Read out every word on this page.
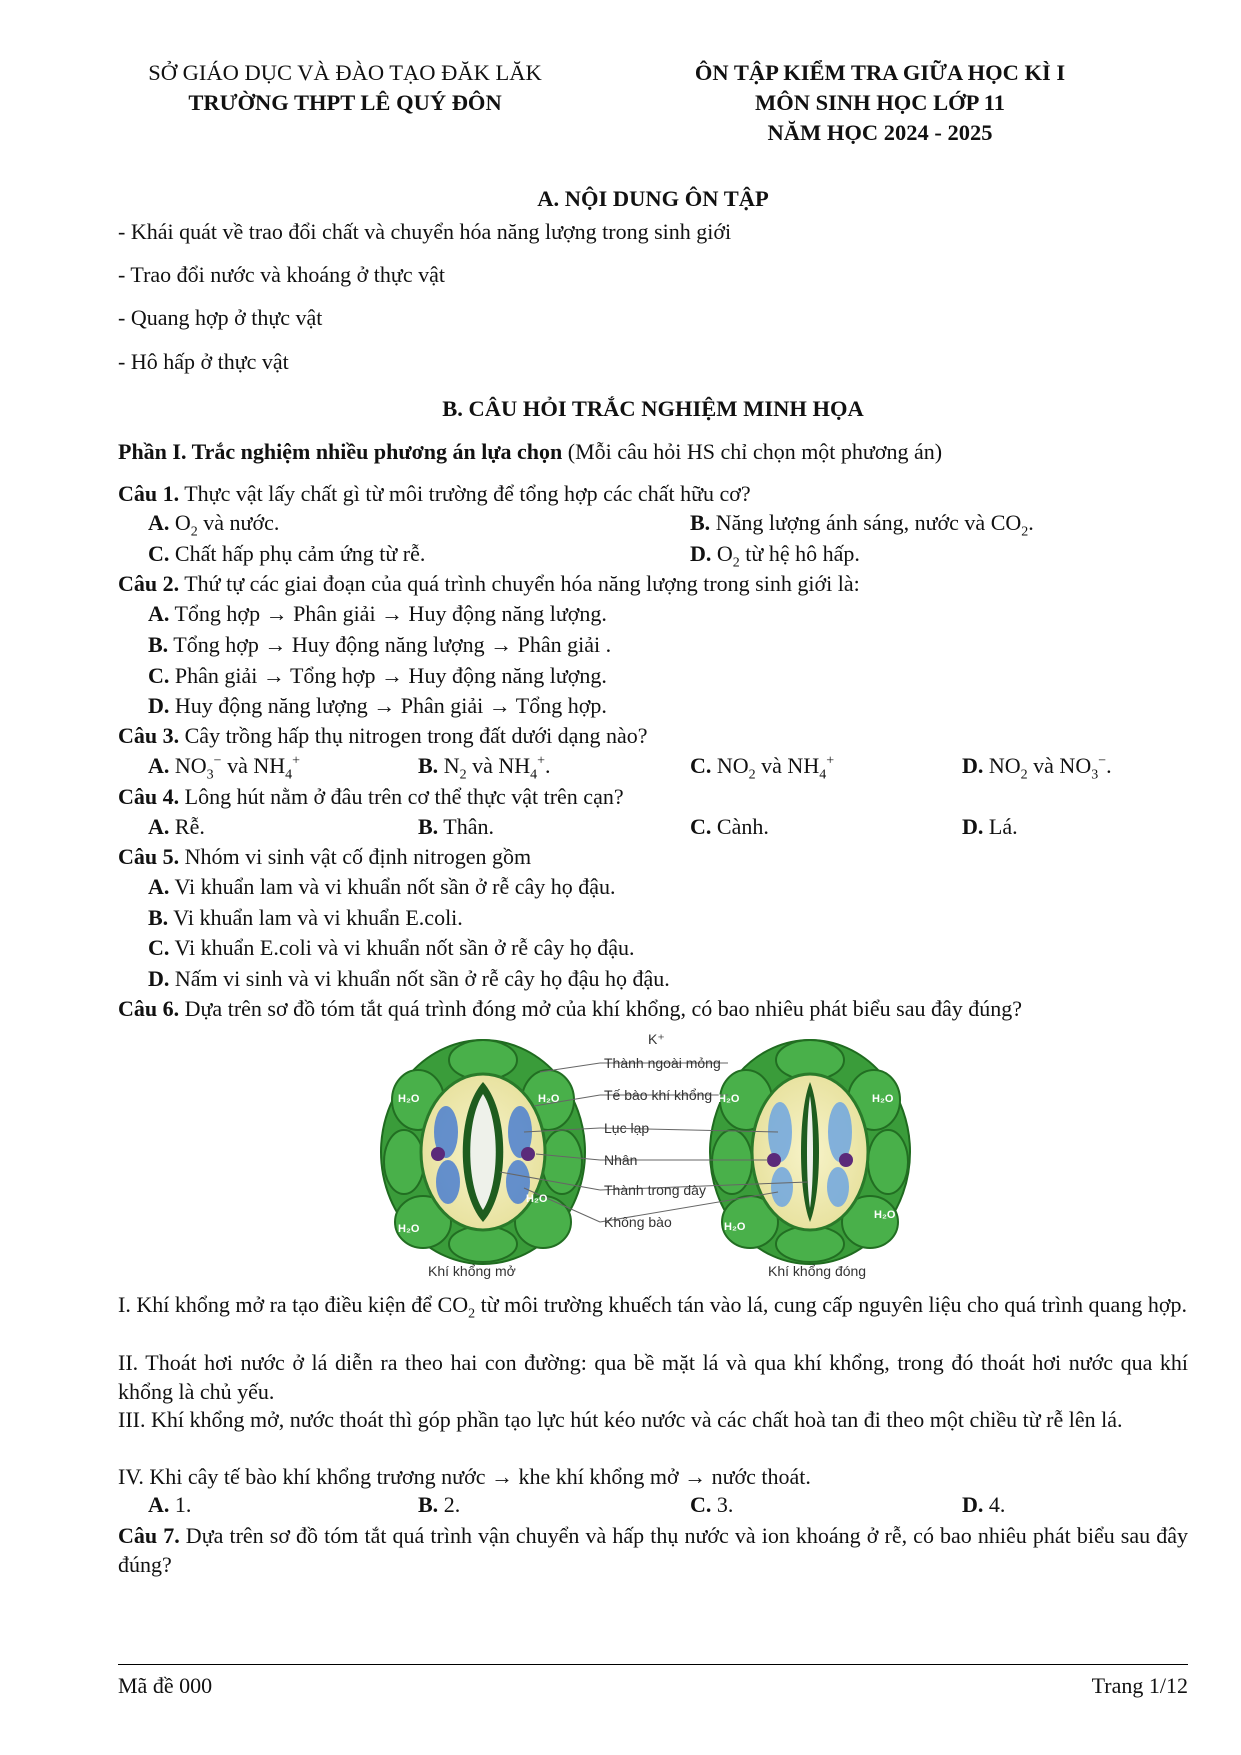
SỞ GIÁO DỤC VÀ ĐÀO TẠO ĐĂK LĂK
TRƯỜNG THPT LÊ QUÝ ĐÔN
ÔN TẬP KIỂM TRA GIỮA HỌC KÌ I
MÔN SINH HỌC LỚP 11
NĂM HỌC 2024 - 2025
A. NỘI DUNG ÔN TẬP
- Khái quát về trao đổi chất và chuyển hóa năng lượng trong sinh giới
- Trao đổi nước và khoáng ở thực vật
- Quang hợp ở thực vật
- Hô hấp ở thực vật
B. CÂU HỎI TRẮC NGHIỆM MINH HỌA
Phần I. Trắc nghiệm nhiều phương án lựa chọn (Mỗi câu hỏi HS chỉ chọn một phương án)
Câu 1. Thực vật lấy chất gì từ môi trường để tổng hợp các chất hữu cơ?
A. $O_2$ và nước.	B. Năng lượng ánh sáng, nước và $CO_2$.
C. Chất hấp phụ cảm ứng từ rễ.	D. $O_2$ từ hệ hô hấp.
Câu 2. Thứ tự các giai đoạn của quá trình chuyển hóa năng lượng trong sinh giới là:
A. Tổng hợp → Phân giải → Huy động năng lượng.
B. Tổng hợp → Huy động năng lượng → Phân giải .
C. Phân giải → Tổng hợp → Huy động năng lượng.
D. Huy động năng lượng → Phân giải → Tổng hợp.
Câu 3. Cây trồng hấp thụ nitrogen trong đất dưới dạng nào?
A. $NO_3^-$ và $NH_4^+$	B. $N_2$ và $NH_4^+$.	C. $NO_2$ và $NH_4^+$	D. $NO_2$ và $NO_3^-$.
Câu 4. Lông hút nằm ở đâu trên cơ thể thực vật trên cạn?
A. Rễ.	B. Thân.	C. Cành.	D. Lá.
Câu 5. Nhóm vi sinh vật cố định nitrogen gồm
A. Vi khuẩn lam và vi khuẩn nốt sần ở rễ cây họ đậu.
B. Vi khuẩn lam và vi khuẩn E.coli.
C. Vi khuẩn E.coli và vi khuẩn nốt sần ở rễ cây họ đậu.
D. Nấm vi sinh và vi khuẩn nốt sần ở rễ cây họ đậu họ đậu.
Câu 6. Dựa trên sơ đồ tóm tắt quá trình đóng mở của khí khổng, có bao nhiêu phát biểu sau đây đúng?
K⁺
Thành ngoài mỏng
Tế bào khí khổng
Lục lạp
Nhân
Thành trong dày
Không bào
Khí khổng mở	Khí khổng đóng
H₂O	H₂O
H₂O
H₂O
H₂O	H₂O
H₂O
H₂O
I. Khí khổng mở ra tạo điều kiện để $CO_2$ từ môi trường khuếch tán vào lá, cung cấp nguyên liệu cho quá trình quang hợp.
II. Thoát hơi nước ở lá diễn ra theo hai con đường: qua bề mặt lá và qua khí khổng, trong đó thoát hơi nước qua khí khổng là chủ yếu.
III. Khí khổng mở, nước thoát thì góp phần tạo lực hút kéo nước và các chất hoà tan đi theo một chiều từ rễ lên lá.
IV. Khi cây tế bào khí khổng trương nước → khe khí khổng mở → nước thoát.
A. 1.	B. 2.	C. 3.	D. 4.
Câu 7. Dựa trên sơ đồ tóm tắt quá trình vận chuyển và hấp thụ nước và ion khoáng ở rễ, có bao nhiêu phát biểu sau đây đúng?
Mã đề 000	Trang 1/12
